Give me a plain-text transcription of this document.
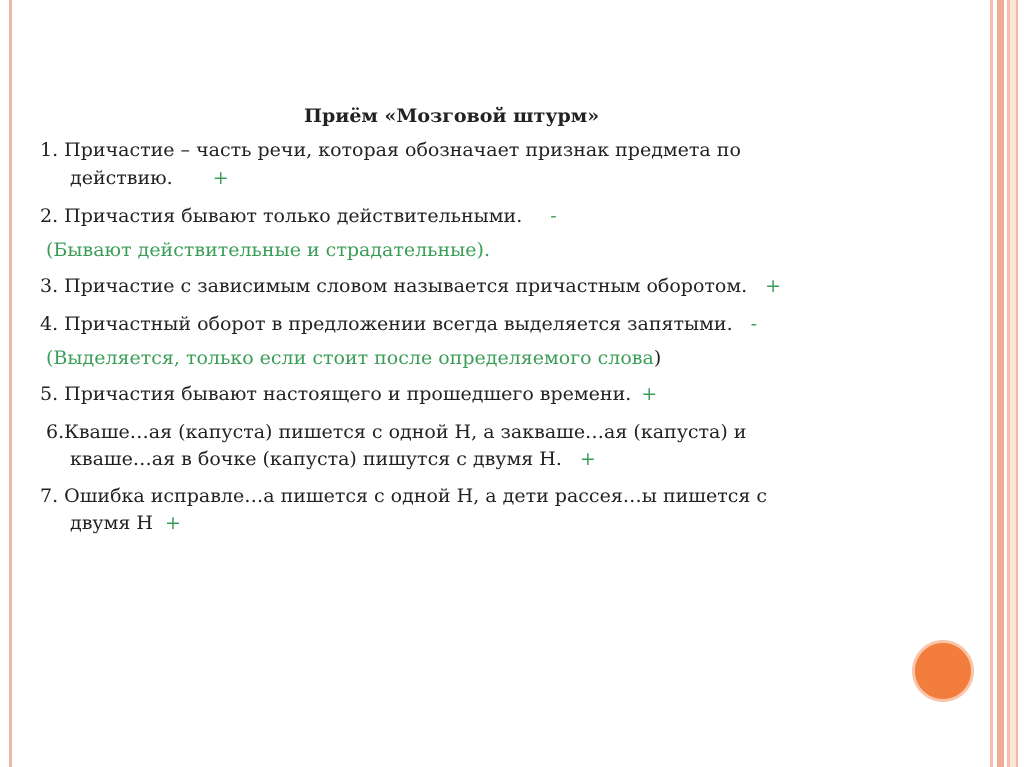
Приём «Мозговой штурм»
1. Причастие – часть речи, которая обозначает признак предмета по
действию. +
2. Причастия бывают только действительными. -
(Бывают действительные и страдательные).
3. Причастие с зависимым словом называется причастным оборотом. +
4. Причастный оборот в предложении всегда выделяется запятыми. -
(Выделяется, только если стоит после определяемого слова)
5. Причастия бывают настоящего и прошедшего времени. +
6.Кваше…ая (капуста) пишется с одной Н, а закваше…ая (капуста) и
кваше…ая в бочке (капуста) пишутся с двумя Н. +
7. Ошибка исправле…а пишется с одной Н, а дети рассея…ы пишется с
двумя Н +
